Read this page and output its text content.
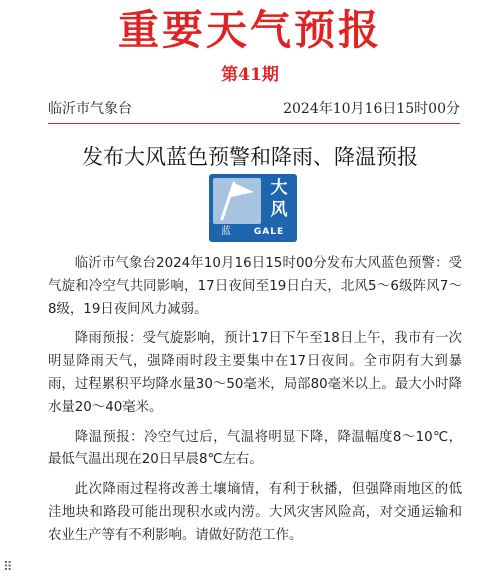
重要天气预报
第41期
临沂市气象台	2024年10月16日15时00分
发布大风蓝色预警和降雨、降温预报
大
风
蓝	GALE

临沂市气象台2024年10月16日15时00分发布大风蓝色预警：受气旋和冷空气共同影响，17日夜间至19日白天，北风5～6级阵风7～8级，19日夜间风力减弱。

降雨预报：受气旋影响，预计17日下午至18日上午，我市有一次明显降雨天气，强降雨时段主要集中在17日夜间。全市阴有大到暴雨，过程累积平均降水量30～50毫米，局部80毫米以上。最大小时降水量20～40毫米。

降温预报：冷空气过后，气温将明显下降，降温幅度8～10℃，最低气温出现在20日早晨8℃左右。

此次降雨过程将改善土壤墒情，有利于秋播，但强降雨地区的低洼地块和路段可能出现积水或内涝。大风灾害风险高，对交通运输和农业生产等有不利影响。请做好防范工作。

⠿
